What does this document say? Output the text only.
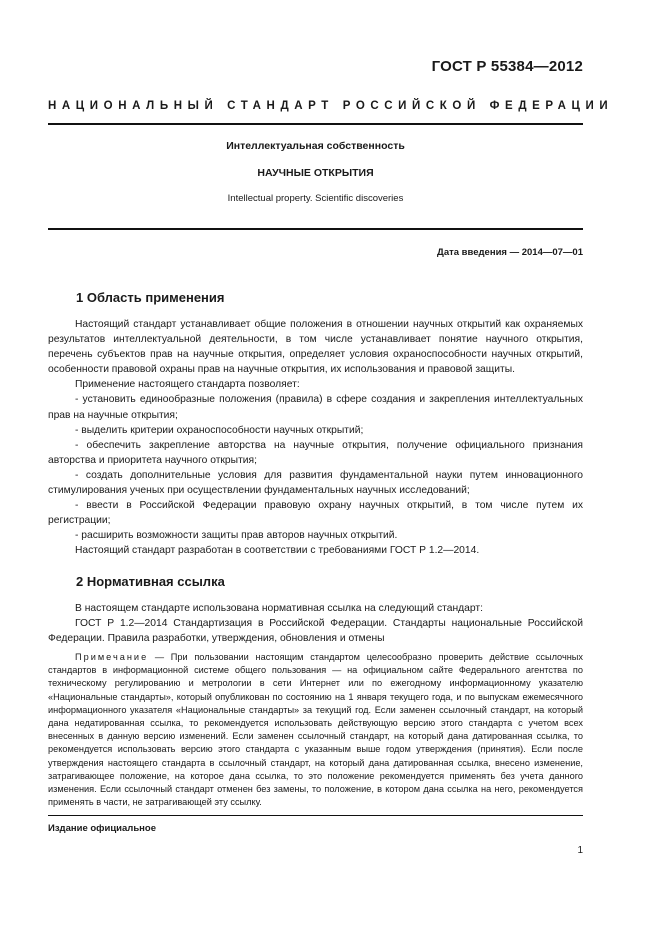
ГОСТ Р 55384—2012
НАЦИОНАЛЬНЫЙ СТАНДАРТ РОССИЙСКОЙ ФЕДЕРАЦИИ
Интеллектуальная собственность
НАУЧНЫЕ ОТКРЫТИЯ
Intellectual property. Scientific discoveries
Дата введения — 2014—07—01
1 Область применения

Настоящий стандарт устанавливает общие положения в отношении научных открытий как охраняемых результатов интеллектуальной деятельности, в том числе устанавливает понятие научного открытия, перечень субъектов прав на научные открытия, определяет условия охраноспособности научных открытий, особенности правовой охраны прав на научные открытия, их использования и правовой защиты.

Применение настоящего стандарта позволяет:

- установить единообразные положения (правила) в сфере создания и закрепления интеллектуальных прав на научные открытия;

- выделить критерии охраноспособности научных открытий;

- обеспечить закрепление авторства на научные открытия, получение официального признания авторства и приоритета научного открытия;

- создать дополнительные условия для развития фундаментальной науки путем инновационного стимулирования ученых при осуществлении фундаментальных научных исследований;

- ввести в Российской Федерации правовую охрану научных открытий, в том числе путем их регистрации;

- расширить возможности защиты прав авторов научных открытий.

Настоящий стандарт разработан в соответствии с требованиями ГОСТ Р 1.2—2014.

2 Нормативная ссылка

В настоящем стандарте использована нормативная ссылка на следующий стандарт:

ГОСТ Р 1.2—2014 Стандартизация в Российской Федерации. Стандарты национальные Российской Федерации. Правила разработки, утверждения, обновления и отмены

Примечание — При пользовании настоящим стандартом целесообразно проверить действие ссылочных стандартов в информационной системе общего пользования — на официальном сайте Федерального агентства по техническому регулированию и метрологии в сети Интернет или по ежегодному информационному указателю «Национальные стандарты», который опубликован по состоянию на 1 января текущего года, и по выпускам ежемесячного информационного указателя «Национальные стандарты» за текущий год. Если заменен ссылочный стандарт, на который дана недатированная ссылка, то рекомендуется использовать действующую версию этого стандарта с учетом всех внесенных в данную версию изменений. Если заменен ссылочный стандарт, на который дана датированная ссылка, то рекомендуется использовать версию этого стандарта с указанным выше годом утверждения (принятия). Если после утверждения настоящего стандарта в ссылочный стандарт, на который дана датированная ссылка, внесено изменение, затрагивающее положение, на которое дана ссылка, то это положение рекомендуется применять без учета данного изменения. Если ссылочный стандарт отменен без замены, то положение, в котором дана ссылка на него, рекомендуется применять в части, не затрагивающей эту ссылку.

Издание официальное
1
